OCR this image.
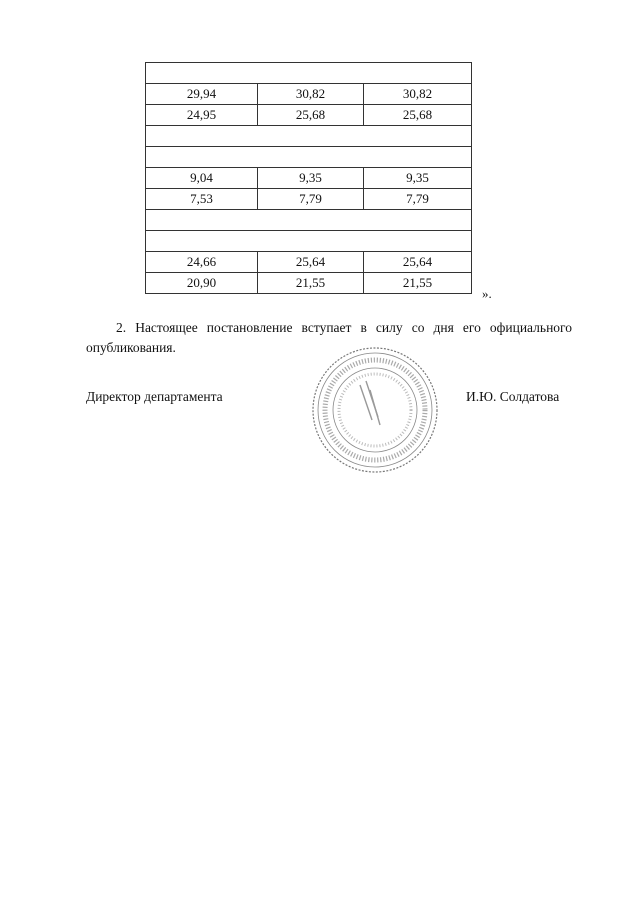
29,94	30,82	30,82
24,95	25,68	25,68

9,04	9,35	9,35
7,53	7,79	7,79

24,66	25,64	25,64
20,90	21,55	21,55
».
2. Настоящее постановление вступает в силу со дня его официального опубликования.
Директор департамента	И.Ю. Солдатова
